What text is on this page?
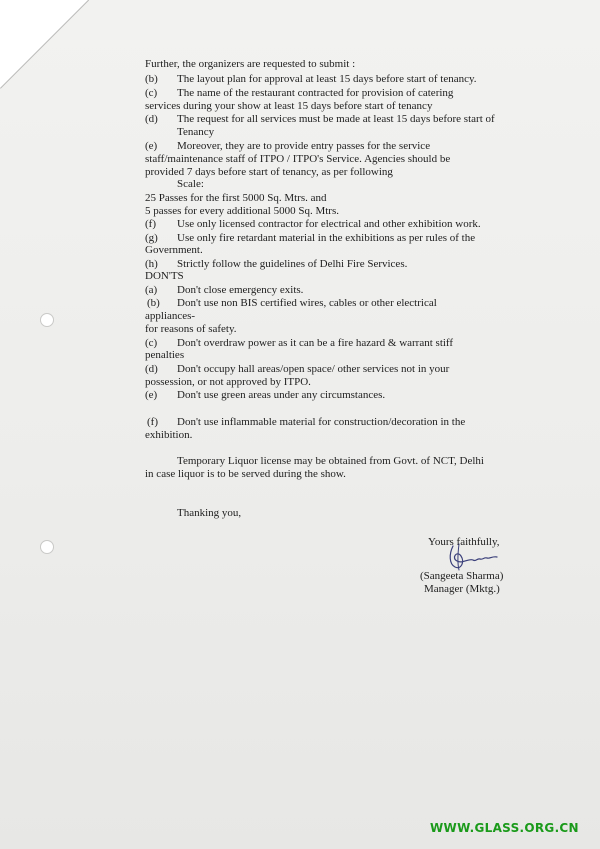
Further, the organizers are requested to submit :
(b) The layout plan for approval at least 15 days before start of tenancy.
(c) The name of the restaurant contracted for provision of catering
services during your show at least 15 days before start of tenancy
(d) The request for all services must be made at least 15 days before start of
Tenancy
(e) Moreover, they are to provide entry passes for the service
staff/maintenance staff of ITPO / ITPO's Service. Agencies should be
provided 7 days before start of tenancy, as per following
Scale:
25 Passes for the first 5000 Sq. Mtrs. and
5 passes for every additional 5000 Sq. Mtrs.
(f) Use only licensed contractor for electrical and other exhibition work.
(g) Use only fire retardant material in the exhibitions as per rules of the
Government.
(h) Strictly follow the guidelines of Delhi Fire Services.
DON'TS
(a) Don't close emergency exits.
(b) Don't use non BIS certified wires, cables or other electrical
appliances-
for reasons of safety.
(c) Don't overdraw power as it can be a fire hazard & warrant stiff
penalties
(d) Don't occupy hall areas/open space/ other services not in your
possession, or not approved by ITPO.
(e) Don't use green areas under any circumstances.
(f) Don't use inflammable material for construction/decoration in the
exhibition.
Temporary Liquor license may be obtained from Govt. of NCT, Delhi
in case liquor is to be served during the show.
Thanking you,
Yours faithfully,
(Sangeeta Sharma)
Manager (Mktg.)
WWW.GLASS.ORG.CN
